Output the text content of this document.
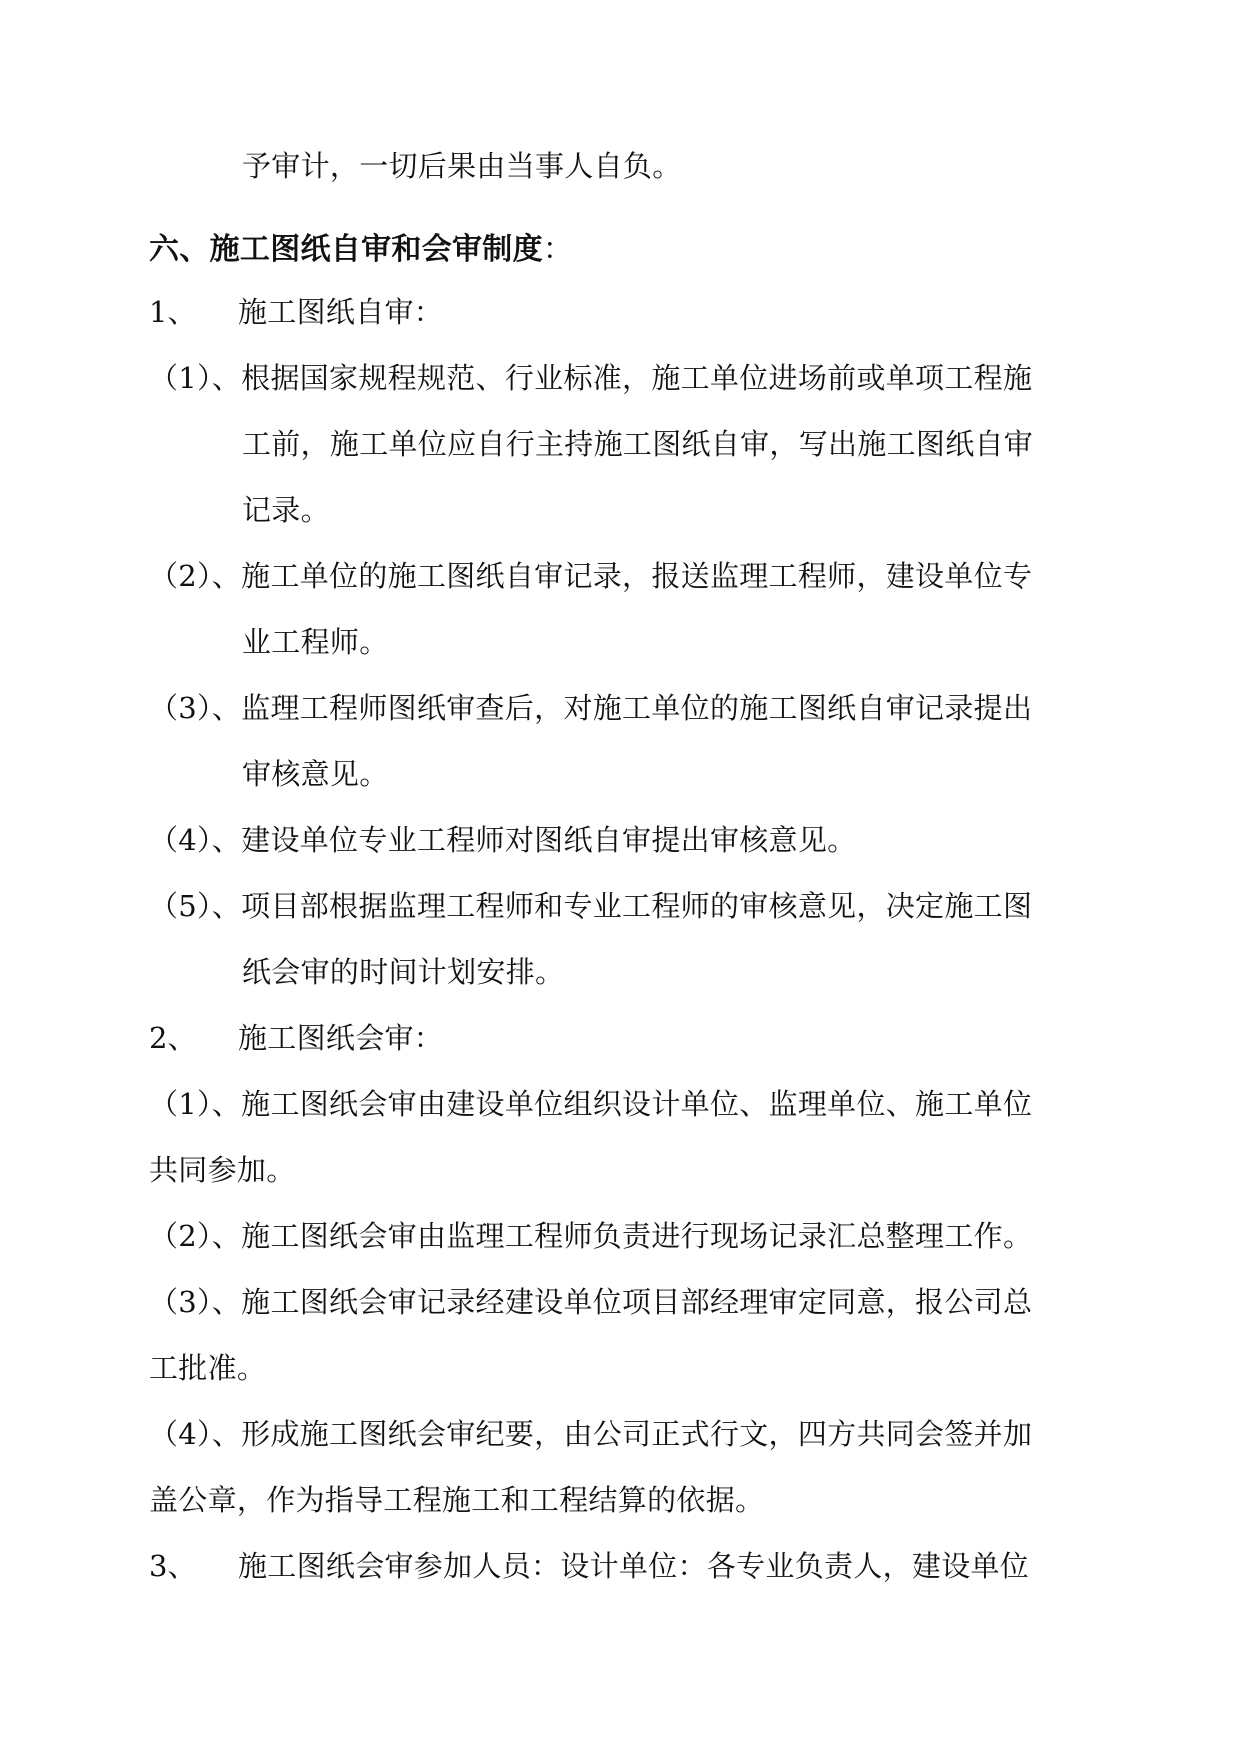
予审计，一切后果由当事人自负。
六、施工图纸自审和会审制度：
1、 施工图纸自审：
（1）、根据国家规程规范、行业标准，施工单位进场前或单项工程施
工前，施工单位应自行主持施工图纸自审，写出施工图纸自审
记录。
（2）、施工单位的施工图纸自审记录，报送监理工程师，建设单位专
业工程师。
（3）、监理工程师图纸审查后，对施工单位的施工图纸自审记录提出
审核意见。
（4）、建设单位专业工程师对图纸自审提出审核意见。
（5）、项目部根据监理工程师和专业工程师的审核意见，决定施工图
纸会审的时间计划安排。
2、 施工图纸会审：
（1）、施工图纸会审由建设单位组织设计单位、监理单位、施工单位
共同参加。
（2）、施工图纸会审由监理工程师负责进行现场记录汇总整理工作。
（3）、施工图纸会审记录经建设单位项目部经理审定同意，报公司总
工批准。
（4）、形成施工图纸会审纪要，由公司正式行文，四方共同会签并加
盖公章，作为指导工程施工和工程结算的依据。
3、 施工图纸会审参加人员：设计单位：各专业负责人，建设单位
